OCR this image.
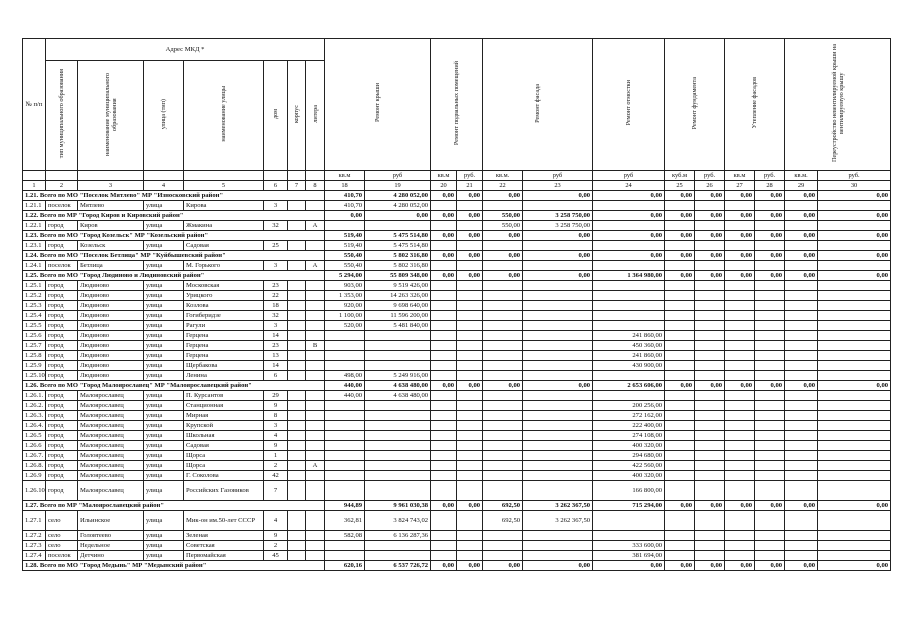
№ п/п	Адрес МКД *							Ремонт крыши		Ремонт подвальных помещений		Ремонт фасада		Ремонт отмостки	Ремонт фундамента		Утепление фасадов		Переустройство невентилируемой крыши на вентилируемую крышу	
	тип муниципального образования	наименование муниципального образования	улица (тип)	наименование улицы	дом	корпус	литера													
								кв.м	руб	кв.м	руб.	кв.м.	руб	руб	куб.м	руб.	кв.м	руб.	кв.м.	руб.
1	2	3	4	5	6	7	8	18	19	20	21	22	23	24	25	26	27	28	29	30
1.21. Всего по МО "Поселок Мятлево" МР "Износковский район"								410,70	4 280 052,00	0,00	0,00	0,00	0,00	0,00	0,00	0,00	0,00	0,00	0,00	0,00
1.21.1	поселок	Мятлево	улица	Кирова	3			410,70	4 280 052,00											
1.22. Всего по МР "Город Киров и Кировский район"								0,00	0,00	0,00	0,00	550,00	3 258 750,00	0,00	0,00	0,00	0,00	0,00	0,00	0,00
1.22.1	город	Киров	улица	Жмакина	32		А					550,00	3 258 750,00							
1.23. Всего по МО "Город Козельск" МР "Козельский район"								519,40	5 475 514,80	0,00	0,00	0,00	0,00	0,00	0,00	0,00	0,00	0,00	0,00	0,00
1.23.1	город	Козельск	улица	Садовая	25			519,40	5 475 514,80											
1.24. Всего по МО "Поселок Бетлица" МР "Куйбышевский район"								550,40	5 802 316,80	0,00	0,00	0,00	0,00	0,00	0,00	0,00	0,00	0,00	0,00	0,00
1.24.1	поселок	Бетлица	улица	М. Горького	3		А	550,40	5 802 316,80											
1.25. Всего по МО "Город Людиново и Людиновский район"								5 294,00	55 809 348,00	0,00	0,00	0,00	0,00	1 364 980,00	0,00	0,00	0,00	0,00	0,00	0,00
1.25.1	город	Людиново	улица	Московская	23			903,00	9 519 426,00											
1.25.2	город	Людиново	улица	Урицкого	22			1 353,00	14 263 326,00											
1.25.3	город	Людиново	улица	Козлова	18			920,00	9 698 640,00											
1.25.4	город	Людиново	улица	Гогиберидзе	32			1 100,00	11 596 200,00											
1.25.5	город	Людиново	улица	Рагули	3			520,00	5 481 840,00											
1.25.6	город	Людиново	улица	Герцена	14									241 860,00						
1.25.7	город	Людиново	улица	Герцена	23		В							450 360,00						
1.25.8	город	Людиново	улица	Герцена	13									241 860,00						
1.25.9	город	Людиново	улица	Щербакова	14									430 900,00						
1.25.10	город	Людиново	улица	Ленина	6			498,00	5 249 916,00											
1.26. Всего по МО "Город Малоярославец" МР "Малоярославецкий район"								440,00	4 638 480,00	0,00	0,00	0,00	0,00	2 653 606,00	0,00	0,00	0,00	0,00	0,00	0,00
1.26.1.	город	Малоярославец	улица	П. Курсантов	29			440,00	4 638 480,00											
1.26.2.	город	Малоярославец	улица	Станционная	9									200 256,00						
1.26.3.	город	Малоярославец	улица	Мирная	8									272 162,00						
1.26.4.	город	Малоярославец	улица	Крупской	3									222 400,00						
1.26.5	город	Малоярославец	улица	Школьная	4									274 108,00						
1.26.6	город	Малоярославец	улица	Садовая	9									400 320,00						
1.26.7.	город	Малоярославец	улица	Щорса	1									294 680,00						
1.26.8.	город	Малоярославец	улица	Щорса	2		А							422 560,00						
1.26.9	город	Малоярославец	улица	Г. Соколова	42									400 320,00						
1.26.10	город	Малоярославец	улица	Российских Газовиков	7									166 800,00						
1.27. Всего по МР "Малоярославецкий район"								944,89	9 961 030,38	0,00	0,00	692,50	3 262 367,50	715 294,00	0,00	0,00	0,00	0,00	0,00	0,00
1.27.1	село	Ильинское	улица	Мик-он им.50-лет СССР	4			362,81	3 824 743,02			692,50	3 262 367,50							
1.27.2	село	Головтеево	улица	Зеленая	9			582,08	6 136 287,36											
1.27.3	село	Недельное	улица	Советская	2									333 600,00						
1.27.4	поселок	Детчино	улица	Первомайская	45									381 694,00						
1.28. Всего по МО "Город Медынь" МР "Медынский район"								620,16	6 537 726,72	0,00	0,00	0,00	0,00	0,00	0,00	0,00	0,00	0,00	0,00	0,00
